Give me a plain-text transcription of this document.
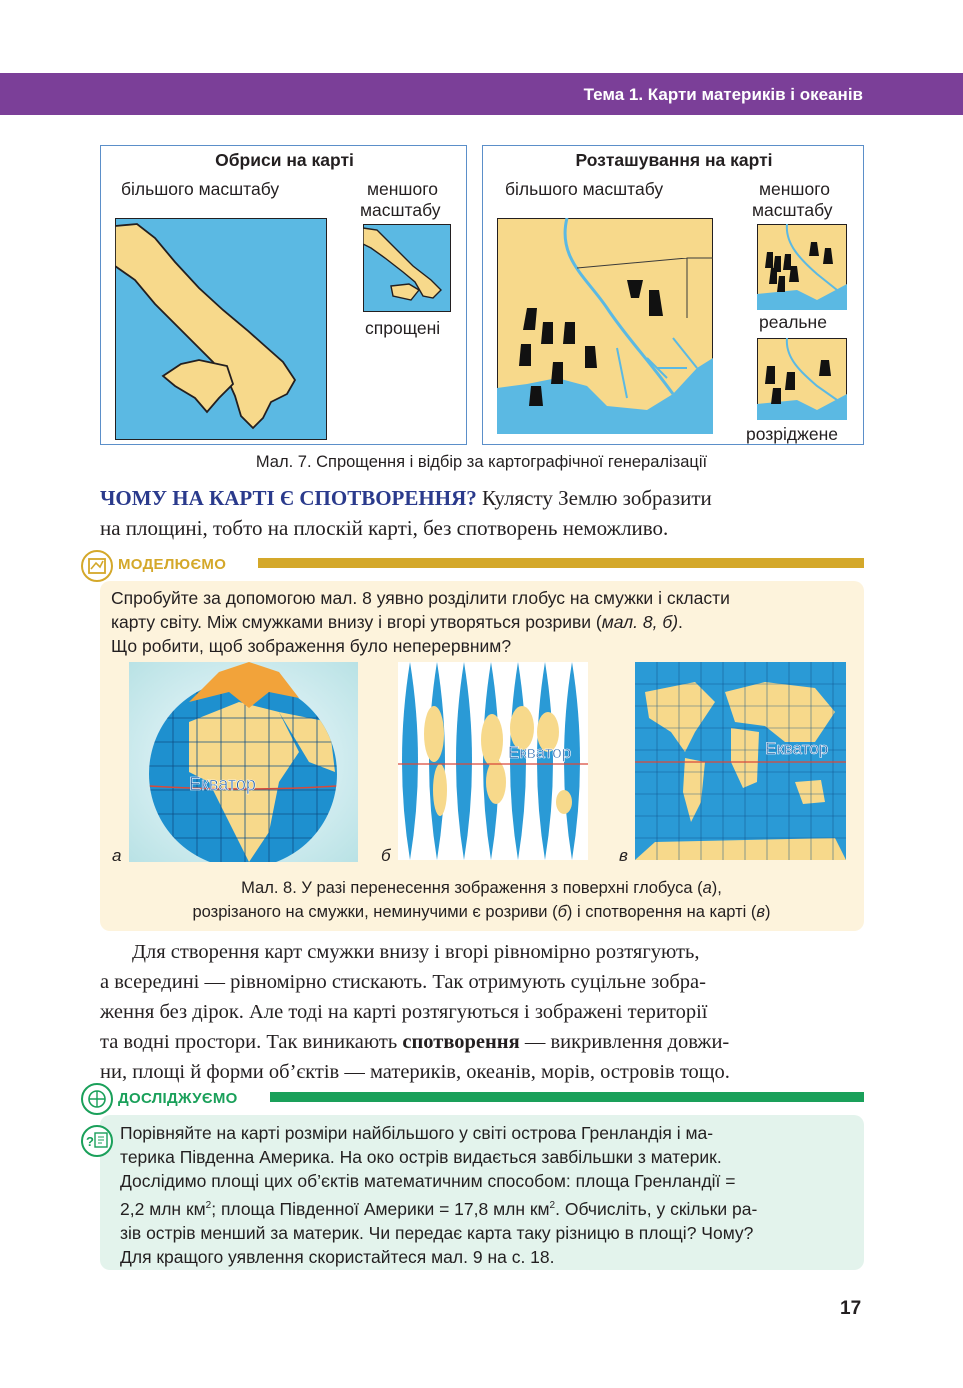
Тема 1. Карти материків і океанів
Обриси на карті
більшого масштабу	меншого
масштабу
спрощені
Розташування на карті
більшого масштабу	меншого
масштабу
реальне
розріджене
Мал. 7. Спрощення і відбір за картографічної генералізації
ЧОМУ НА КАРТІ Є СПОТВОРЕННЯ? Кулясту Землю зобразити
на площині, тобто на плоскій карті, без спотворень неможливо.
МОДЕЛЮЄМО
Спробуйте за допомогою мал. 8 уявно розділити глобус на смужки і скласти
карту світу. Між смужками внизу і вгорі утворяться розриви (мал. 8, б).
Що робити, щоб зображення було неперервним?
Екватор
а
Екватор
б
Екватор
в
Мал. 8. У разі перенесення зображення з поверхні глобуса (а),
розрізаного на смужки, неминучими є розриви (б) і спотворення на карті (в)
Для створення карт смужки внизу і вгорі рівномірно розтягують,
а всередині — рівномірно стискають. Так отримують суцільне зобра-
ження без дірок. Але тоді на карті розтягуються і зображені території
та водні простори. Так виникають спотворення — викривлення довжи-
ни, площі й форми об’єктів — материків, океанів, морів, островів тощо.
ДОСЛІДЖУЄМО
? Порівняйте на карті розміри найбільшого у світі острова Гренландія і ма-
терика Південна Америка. На око острів видається завбільшки з материк.
Дослідимо площі цих об’єктів математичним способом: площа Гренландії =
2,2 млн $км^2$; площа Південної Америки = 17,8 млн $км^2$. Обчисліть, у скільки ра-
зів острів менший за материк. Чи передає карта таку різницю в площі? Чому?
Для кращого уявлення скористайтеся мал. 9 на с. 18.
17
